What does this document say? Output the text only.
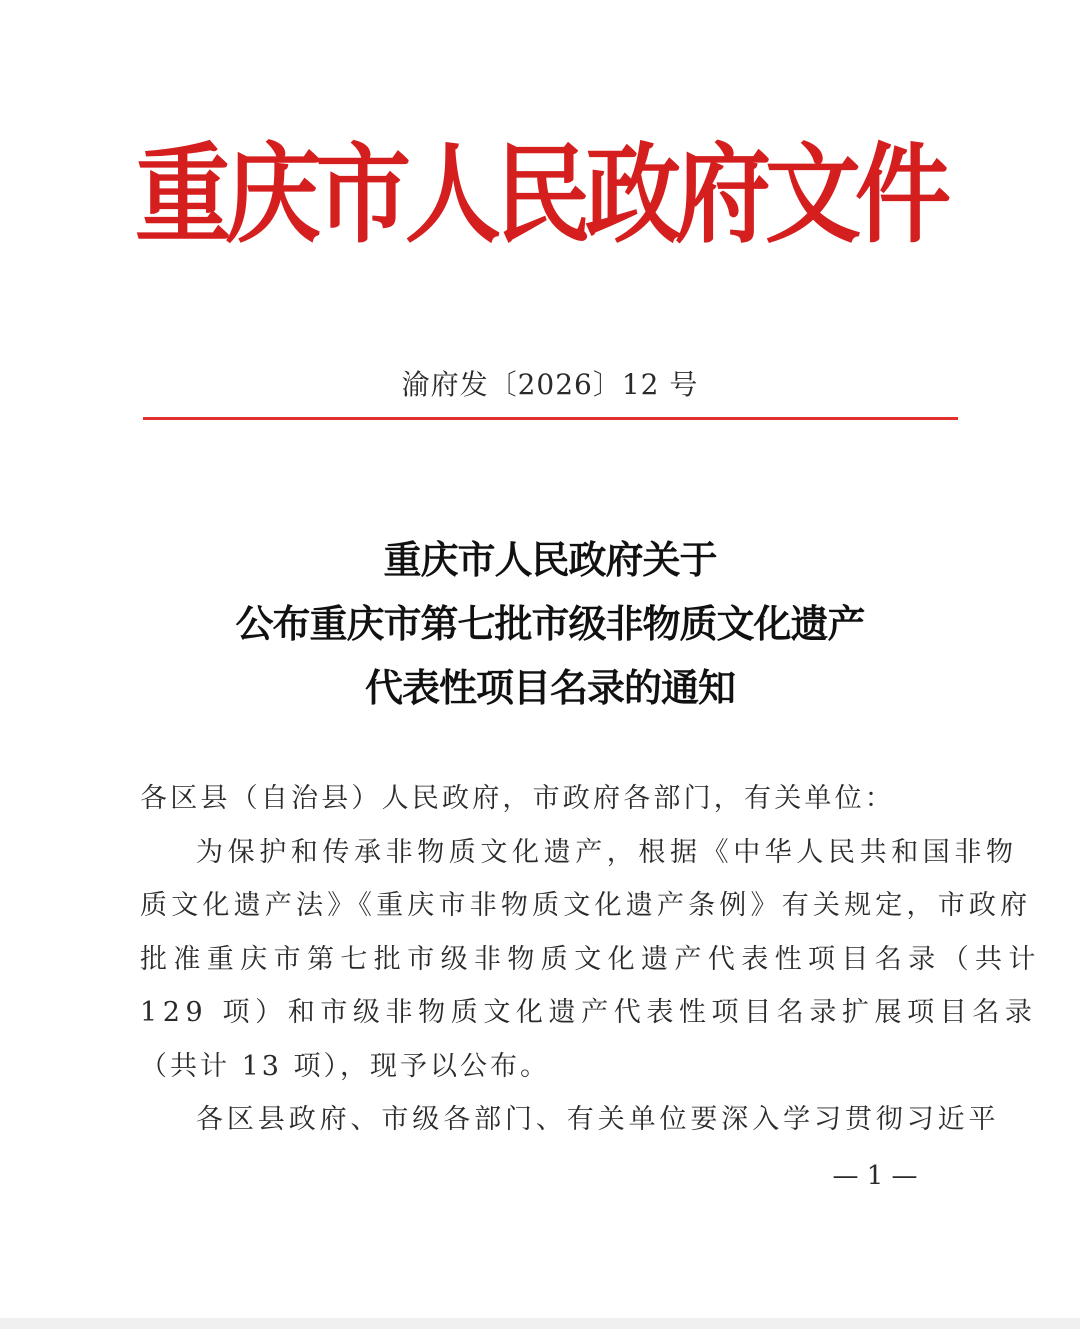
重庆市人民政府文件
渝府发〔2026〕12 号
重庆市人民政府关于
公布重庆市第七批市级非物质文化遗产
代表性项目名录的通知
各区县（自治县）人民政府，市政府各部门，有关单位：
为保护和传承非物质文化遗产，根据《中华人民共和国非物
质文化遗产法》《重庆市非物质文化遗产条例》有关规定，市政府
批准重庆市第七批市级非物质文化遗产代表性项目名录（共计
129 项）和市级非物质文化遗产代表性项目名录扩展项目名录
（共计 13 项），现予以公布。
各区县政府、市级各部门、有关单位要深入学习贯彻习近平
— 1 —
